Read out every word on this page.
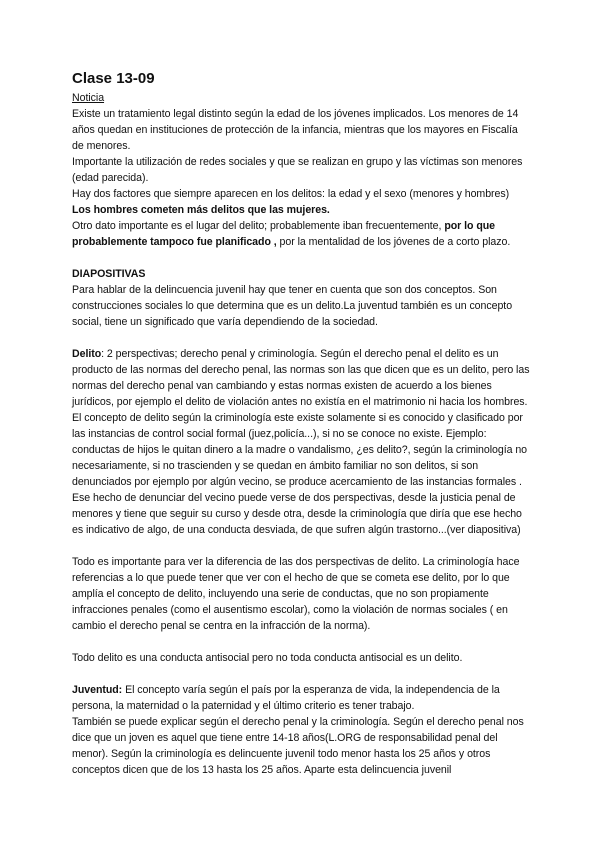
Clase 13-09

Noticia

Existe un tratamiento legal distinto según la edad de los jóvenes implicados. Los menores de 14 años quedan en instituciones de protección de la infancia, mientras que los mayores en Fiscalía de menores.

Importante la utilización de redes sociales y que se realizan en grupo y las víctimas son menores (edad parecida).

Hay dos factores que siempre aparecen en los delitos: la edad y el sexo (menores y hombres)

Los hombres cometen más delitos que las mujeres.

Otro dato importante es el lugar del delito; probablemente iban frecuentemente, por lo que probablemente tampoco fue planificado , por la mentalidad de los jóvenes de a corto plazo.

DIAPOSITIVAS

Para hablar de la delincuencia juvenil hay que tener en cuenta que son dos conceptos. Son construcciones sociales lo que determina que es un delito.La juventud también es un concepto social, tiene un significado que varía dependiendo de la sociedad.

Delito: 2 perspectivas; derecho penal y criminología. Según el derecho penal el delito es un producto de las normas del derecho penal, las normas son las que dicen que es un delito, pero las normas del derecho penal van cambiando y estas normas existen de acuerdo a los bienes jurídicos, por ejemplo el delito de violación antes no existía en el matrimonio ni hacia los hombres. El concepto de delito según la criminología este existe solamente si es conocido y clasificado por las instancias de control social formal (juez,policía...), si no se conoce no existe. Ejemplo: conductas de hijos le quitan dinero a la madre o vandalismo, ¿es delito?, según la criminología no necesariamente, si no trascienden y se quedan en ámbito familiar no son delitos, si son denunciados por ejemplo por algún vecino, se produce acercamiento de las instancias formales . Ese hecho de denunciar del vecino puede verse de dos perspectivas, desde la justicia penal de menores y tiene que seguir su curso y desde otra, desde la criminología que diría que ese hecho es indicativo de algo, de una conducta desviada, de que sufren algún trastorno...(ver diapositiva)

Todo es importante para ver la diferencia de las dos perspectivas de delito. La criminología hace referencias a lo que puede tener que ver con el hecho de que se cometa ese delito, por lo que amplía el concepto de delito, incluyendo una serie de conductas, que no son propiamente infracciones penales (como el ausentismo escolar), como la violación de normas sociales ( en cambio el derecho penal se centra en la infracción de la norma).

Todo delito es una conducta antisocial pero no toda conducta antisocial es un delito.

Juventud: El concepto varía según el país por la esperanza de vida, la independencia de la persona, la maternidad o la paternidad y el último criterio es tener trabajo.

También se puede explicar según el derecho penal y la criminología. Según el derecho penal nos dice que un joven es aquel que tiene entre 14-18 años(L.ORG de responsabilidad penal del menor). Según la criminología es delincuente juvenil todo menor hasta los 25 años y otros conceptos dicen que de los 13 hasta los 25 años. Aparte esta delincuencia juvenil
